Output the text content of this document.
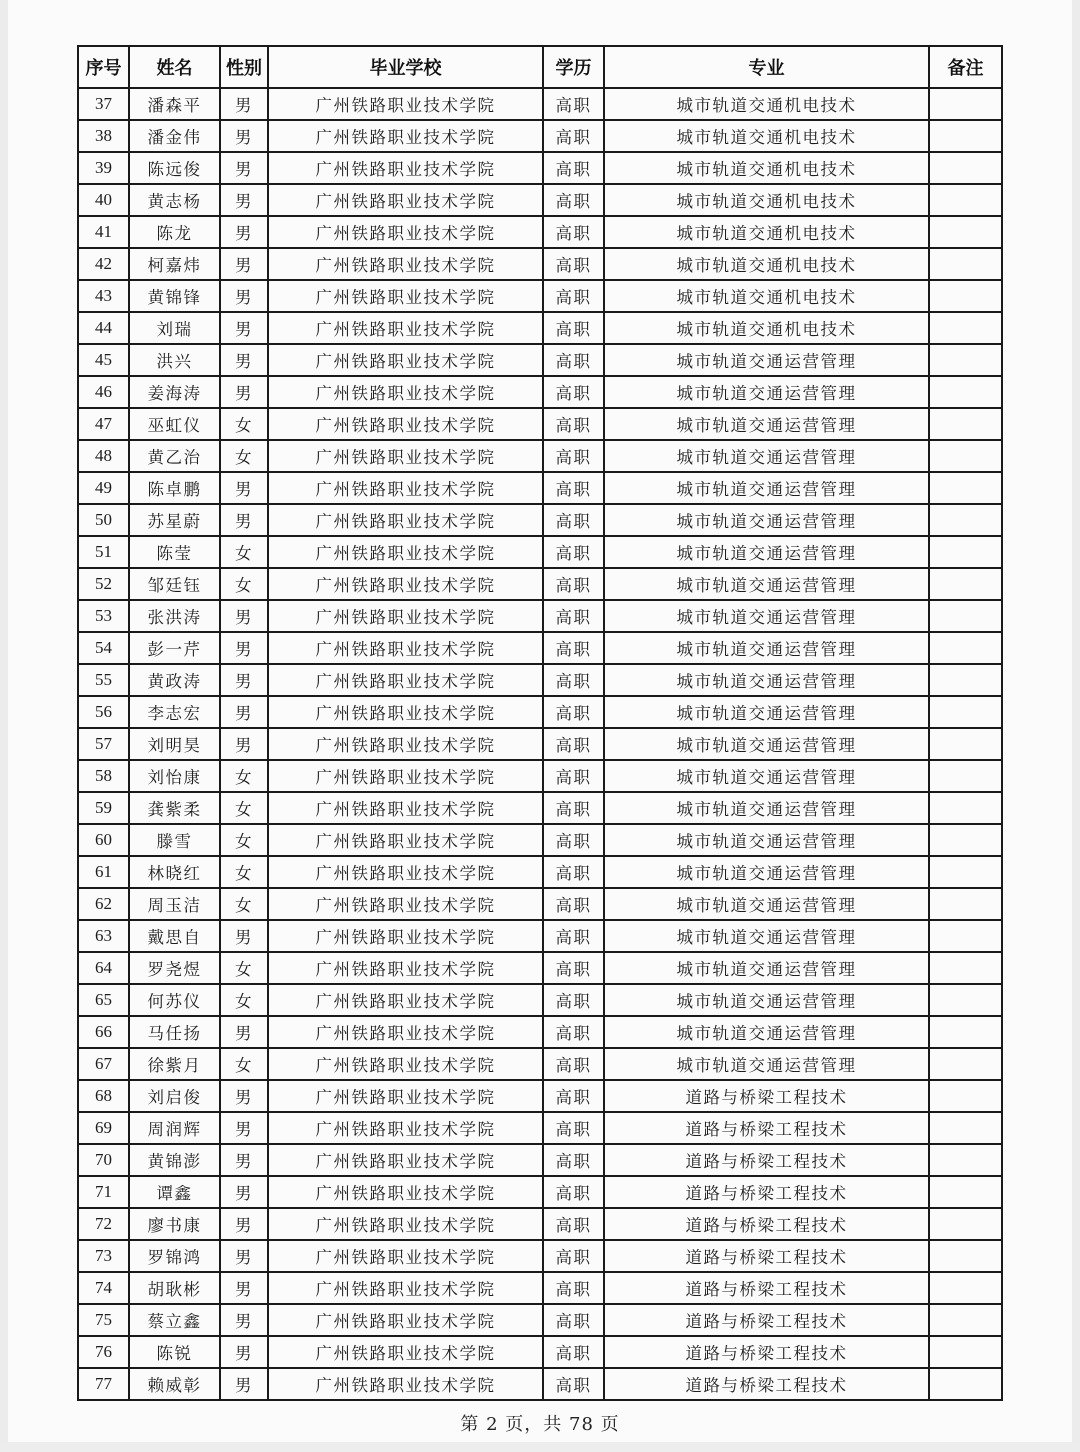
序号	姓名	性别	毕业学校	学历	专业	备注
37	潘森平	男	广州铁路职业技术学院	高职	城市轨道交通机电技术	
38	潘金伟	男	广州铁路职业技术学院	高职	城市轨道交通机电技术	
39	陈远俊	男	广州铁路职业技术学院	高职	城市轨道交通机电技术	
40	黄志杨	男	广州铁路职业技术学院	高职	城市轨道交通机电技术	
41	陈龙	男	广州铁路职业技术学院	高职	城市轨道交通机电技术	
42	柯嘉炜	男	广州铁路职业技术学院	高职	城市轨道交通机电技术	
43	黄锦锋	男	广州铁路职业技术学院	高职	城市轨道交通机电技术	
44	刘瑞	男	广州铁路职业技术学院	高职	城市轨道交通机电技术	
45	洪兴	男	广州铁路职业技术学院	高职	城市轨道交通运营管理	
46	姜海涛	男	广州铁路职业技术学院	高职	城市轨道交通运营管理	
47	巫虹仪	女	广州铁路职业技术学院	高职	城市轨道交通运营管理	
48	黄乙治	女	广州铁路职业技术学院	高职	城市轨道交通运营管理	
49	陈卓鹏	男	广州铁路职业技术学院	高职	城市轨道交通运营管理	
50	苏星蔚	男	广州铁路职业技术学院	高职	城市轨道交通运营管理	
51	陈莹	女	广州铁路职业技术学院	高职	城市轨道交通运营管理	
52	邹廷钰	女	广州铁路职业技术学院	高职	城市轨道交通运营管理	
53	张洪涛	男	广州铁路职业技术学院	高职	城市轨道交通运营管理	
54	彭一芹	男	广州铁路职业技术学院	高职	城市轨道交通运营管理	
55	黄政涛	男	广州铁路职业技术学院	高职	城市轨道交通运营管理	
56	李志宏	男	广州铁路职业技术学院	高职	城市轨道交通运营管理	
57	刘明昊	男	广州铁路职业技术学院	高职	城市轨道交通运营管理	
58	刘怡康	女	广州铁路职业技术学院	高职	城市轨道交通运营管理	
59	龚紫柔	女	广州铁路职业技术学院	高职	城市轨道交通运营管理	
60	滕雪	女	广州铁路职业技术学院	高职	城市轨道交通运营管理	
61	林晓红	女	广州铁路职业技术学院	高职	城市轨道交通运营管理	
62	周玉洁	女	广州铁路职业技术学院	高职	城市轨道交通运营管理	
63	戴思自	男	广州铁路职业技术学院	高职	城市轨道交通运营管理	
64	罗尧煜	女	广州铁路职业技术学院	高职	城市轨道交通运营管理	
65	何苏仪	女	广州铁路职业技术学院	高职	城市轨道交通运营管理	
66	马任扬	男	广州铁路职业技术学院	高职	城市轨道交通运营管理	
67	徐紫月	女	广州铁路职业技术学院	高职	城市轨道交通运营管理	
68	刘启俊	男	广州铁路职业技术学院	高职	道路与桥梁工程技术	
69	周润辉	男	广州铁路职业技术学院	高职	道路与桥梁工程技术	
70	黄锦澎	男	广州铁路职业技术学院	高职	道路与桥梁工程技术	
71	谭鑫	男	广州铁路职业技术学院	高职	道路与桥梁工程技术	
72	廖书康	男	广州铁路职业技术学院	高职	道路与桥梁工程技术	
73	罗锦鸿	男	广州铁路职业技术学院	高职	道路与桥梁工程技术	
74	胡耿彬	男	广州铁路职业技术学院	高职	道路与桥梁工程技术	
75	蔡立鑫	男	广州铁路职业技术学院	高职	道路与桥梁工程技术	
76	陈锐	男	广州铁路职业技术学院	高职	道路与桥梁工程技术	
77	赖威彰	男	广州铁路职业技术学院	高职	道路与桥梁工程技术	
第 2 页，共 78 页
